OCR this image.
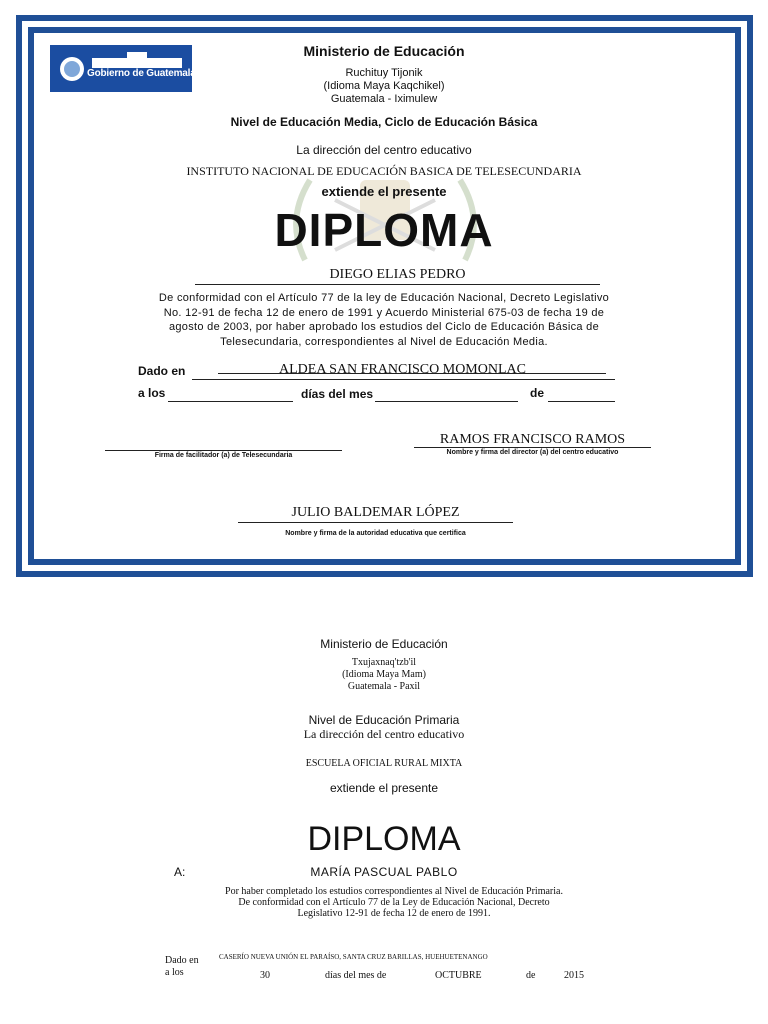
Gobierno de Guatemala
Ministerio de Educación
Ruchituy Tijonik
(Idioma Maya Kaqchikel)
Guatemala - Iximulew
Nivel de Educación Media, Ciclo de Educación Básica
La dirección del centro educativo
INSTITUTO NACIONAL DE EDUCACIÓN BASICA DE TELESECUNDARIA
extiende el presente
DIPLOMA
DIEGO ELIAS PEDRO
De conformidad con el Artículo 77 de la ley de Educación Nacional, Decreto Legislativo
No. 12-91 de fecha 12 de enero de 1991 y Acuerdo Ministerial 675-03 de fecha 19 de
agosto de 2003, por haber aprobado los estudios del Ciclo de Educación Básica de
Telesecundaria, correspondientes al Nivel de Educación Media.
Dado en	ALDEA SAN FRANCISCO MOMONLAC
a los	días del mes	de
Firma de facilitador (a) de Telesecundaria
RAMOS FRANCISCO RAMOS
Nombre y firma del director (a) del centro educativo
JULIO BALDEMAR LÓPEZ
Nombre y firma de la autoridad educativa que certifica
Ministerio de Educación
Txujaxnaq'tzb'il
(Idioma Maya Mam)
Guatemala - Paxil
Nivel de Educación Primaria
La dirección del centro educativo
ESCUELA OFICIAL RURAL MIXTA
extiende el presente
DIPLOMA
A:	MARÍA PASCUAL PABLO
Por haber completado los estudios correspondientes al Nivel de Educación Primaria.
De conformidad con el Artículo 77 de la Ley de Educación Nacional, Decreto
Legislativo 12-91 de fecha 12 de enero de 1991.
Dado en	CASERÍO NUEVA UNIÓN EL PARAÍSO, SANTA CRUZ BARILLAS, HUEHUETENANGO
a los	30	días del mes de	OCTUBRE	de	2015
